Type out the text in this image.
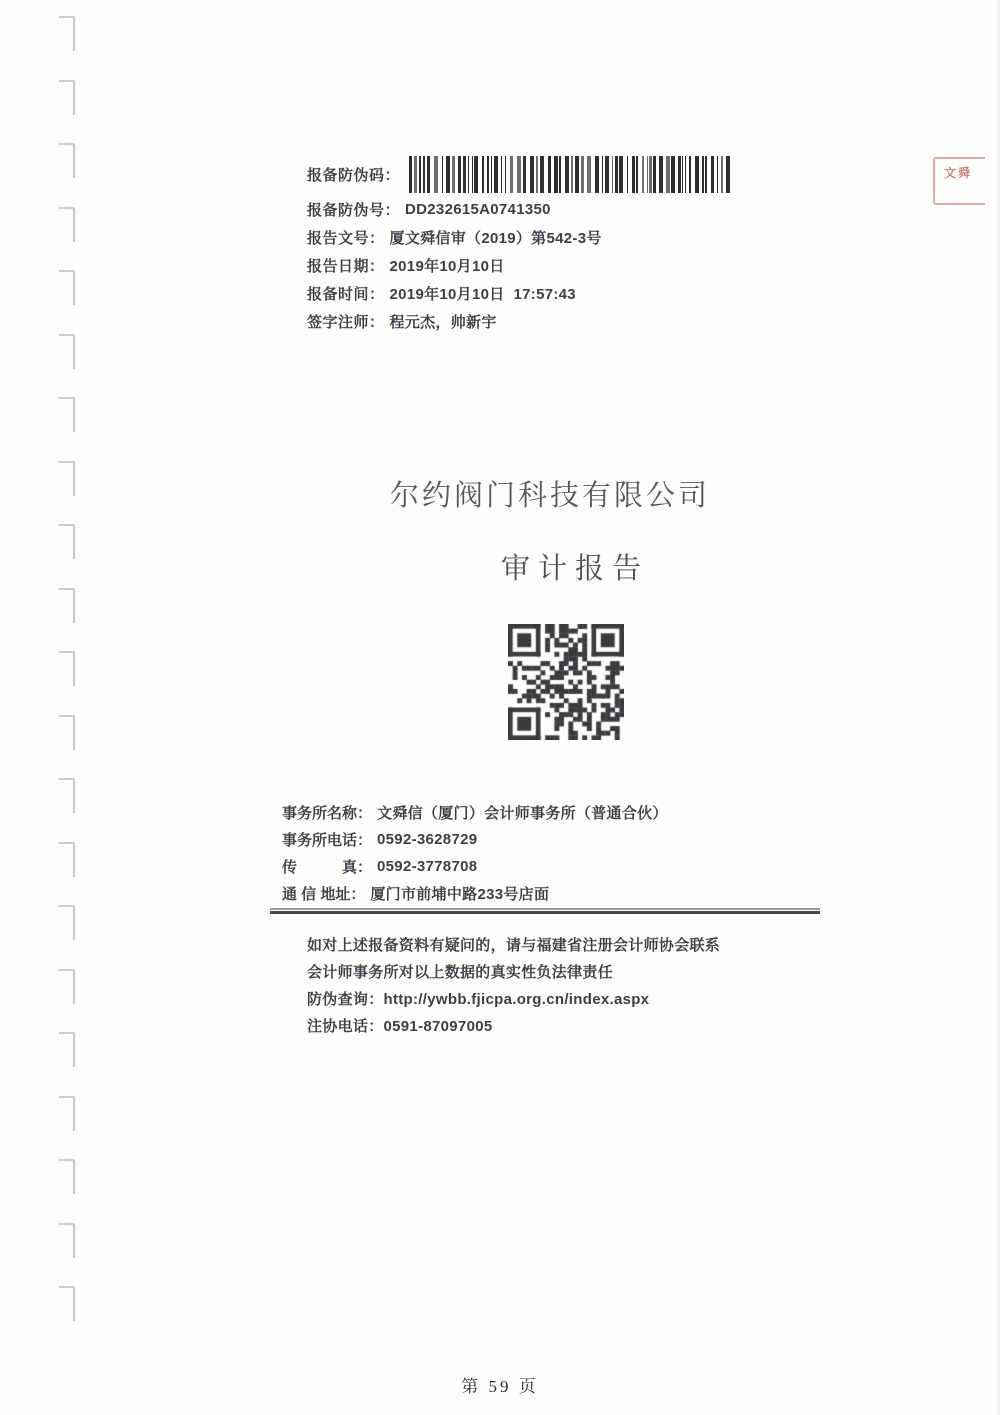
报备防伪码：
报备防伪号： DD232615A0741350
报告文号： 厦文舜信审（2019）第542-3号
报告日期： 2019年10月10日
报备时间： 2019年10月10日  17:57:43
签字注师： 程元杰，帅新宇
文舜
尔约阀门科技有限公司
审计报告
事务所名称： 文舜信（厦门）会计师事务所（普通合伙）
事务所电话： 0592-3628729
传　　　真： 0592-3778708
通 信 地址： 厦门市前埔中路233号店面
如对上述报备资料有疑问的，请与福建省注册会计师协会联系
会计师事务所对以上数据的真实性负法律责任
防伪查询：http://ywbb.fjicpa.org.cn/index.aspx
注协电话：0591-87097005
第 59 页
